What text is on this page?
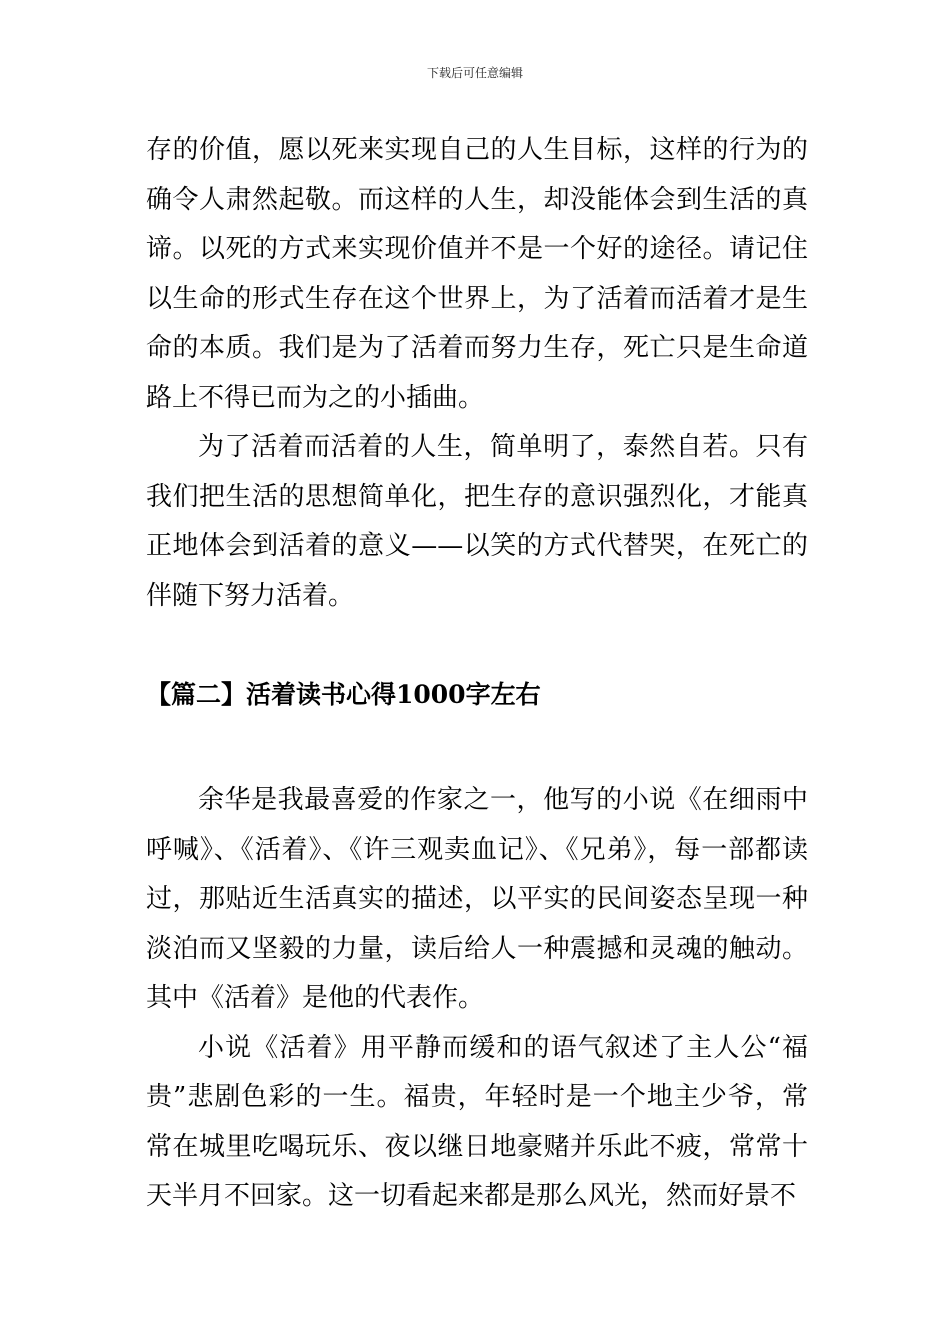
下载后可任意编辑

存的价值，愿以死来实现自己的人生目标，这样的行为的确令人肃然起敬。而这样的人生，却没能体会到生活的真谛。以死的方式来实现价值并不是一个好的途径。请记住以生命的形式生存在这个世界上，为了活着而活着才是生命的本质。我们是为了活着而努力生存，死亡只是生命道路上不得已而为之的小插曲。

为了活着而活着的人生，简单明了，泰然自若。只有我们把生活的思想简单化，把生存的意识强烈化，才能真正地体会到活着的意义——以笑的方式代替哭，在死亡的伴随下努力活着。

【篇二】活着读书心得1000字左右

余华是我最喜爱的作家之一，他写的小说《在细雨中呼喊》、《活着》、《许三观卖血记》、《兄弟》，每一部都读过，那贴近生活真实的描述，以平实的民间姿态呈现一种淡泊而又坚毅的力量，读后给人一种震撼和灵魂的触动。其中《活着》是他的代表作。

小说《活着》用平静而缓和的语气叙述了主人公“福贵”悲剧色彩的一生。福贵，年轻时是一个地主少爷，常常在城里吃喝玩乐、夜以继日地豪赌并乐此不疲，常常十天半月不回家。这一切看起来都是那么风光，然而好景不
